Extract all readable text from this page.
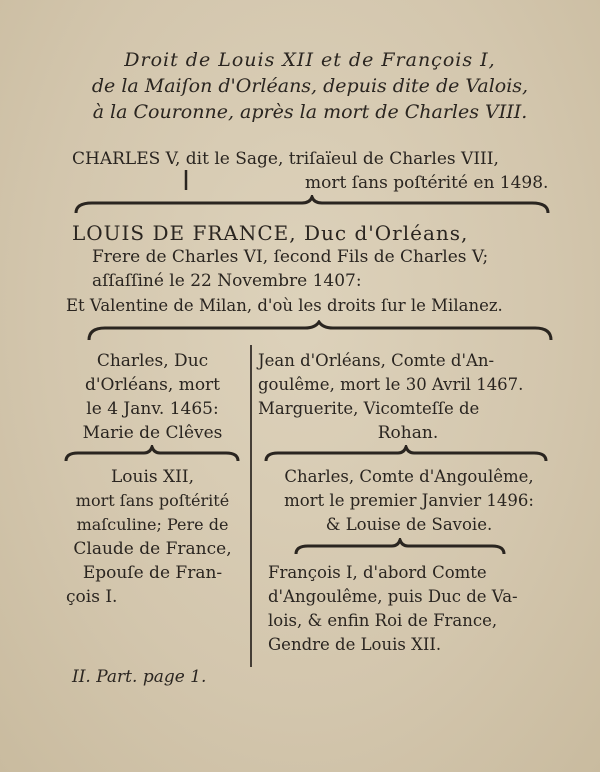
Droit de Louis XII et de François I,
de la Maiſon d'Orléans, depuis dite de Valois,
à la Couronne, après la mort de Charles VIII.
CHARLES V, dit le Sage, triſaïeul de Charles VIII,
mort ſans poſtérité en 1498.
LOUIS DE FRANCE, Duc d'Orléans,
Frere de Charles VI, ſecond Fils de Charles V;
aſſaſſiné le 22 Novembre 1407:
Et Valentine de Milan, d'où les droits ſur le Milanez.
Charles, Duc
d'Orléans, mort
le 4 Janv. 1465:
Marie de Clêves
Louis XII,
mort ſans poſtérité
maſculine; Pere de
Claude de France,
Epouſe de Fran-
çois I.
Jean d'Orléans, Comte d'An-
goulême, mort le 30 Avril 1467.
Marguerite, Vicomteſſe de
Rohan.
Charles, Comte d'Angoulême,
mort le premier Janvier 1496:
& Louise de Savoie.
François I, d'abord Comte
d'Angoulême, puis Duc de Va-
lois, & enfin Roi de France,
Gendre de Louis XII.
II. Part. page 1.
